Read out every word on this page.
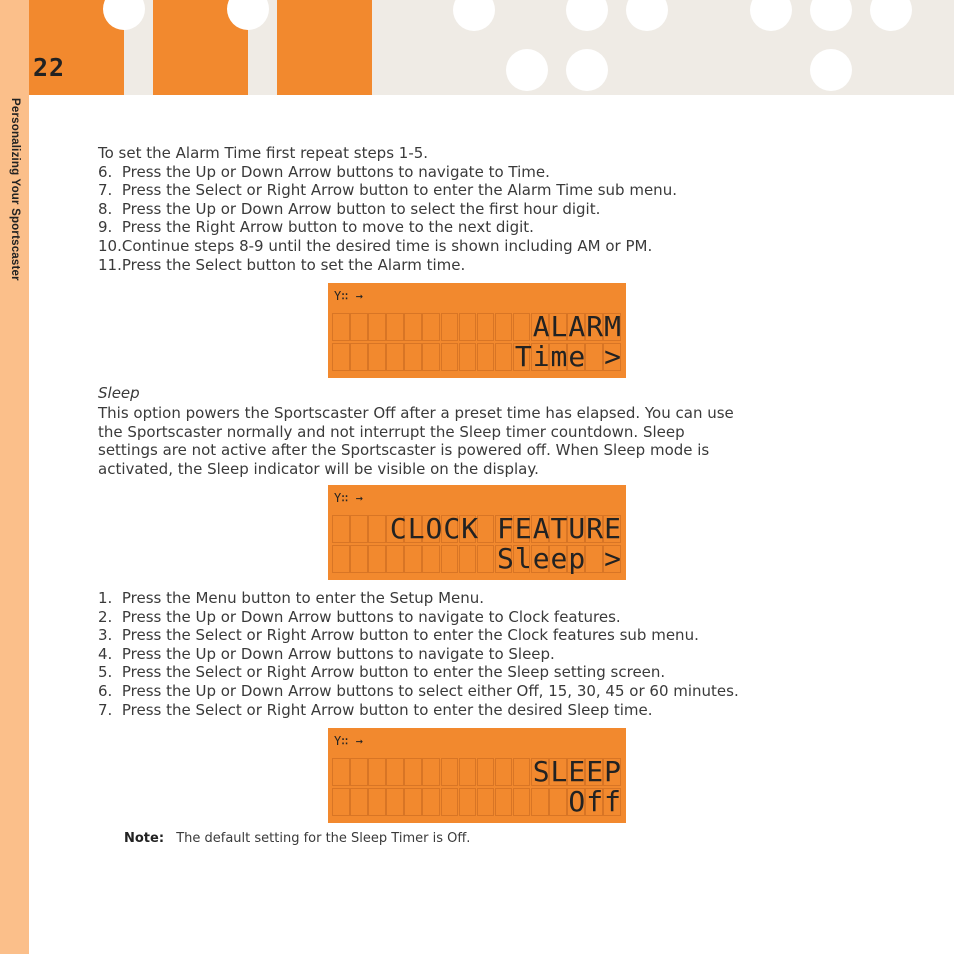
Personalizing Your Sportscaster
22
To set the Alarm Time first repeat steps 1-5.
6.  Press the Up or Down Arrow buttons to navigate to Time.
7.  Press the Select or Right Arrow button to enter the Alarm Time sub menu.
8.  Press the Up or Down Arrow button to select the first hour digit.
9.  Press the Right Arrow button to move to the next digit.
10.Continue steps 8-9 until the desired time is shown including AM or PM.
11.Press the Select button to set the Alarm time.
Y∷ →
ALARM
Time >
Sleep
This option powers the Sportscaster Off after a preset time has elapsed. You can use
the Sportscaster normally and not interrupt the Sleep timer countdown. Sleep
settings are not active after the Sportscaster is powered off. When Sleep mode is
activated, the Sleep indicator will be visible on the display.
Y∷ →
CLOCK FEATURE
Sleep >
1.  Press the Menu button to enter the Setup Menu.
2.  Press the Up or Down Arrow buttons to navigate to Clock features.
3.  Press the Select or Right Arrow button to enter the Clock features sub menu.
4.  Press the Up or Down Arrow buttons to navigate to Sleep.
5.  Press the Select or Right Arrow button to enter the Sleep setting screen.
6.  Press the Up or Down Arrow buttons to select either Off, 15, 30, 45 or 60 minutes.
7.  Press the Select or Right Arrow button to enter the desired Sleep time.
Y∷ →
SLEEP
Off
Note: The default setting for the Sleep Timer is Off.
